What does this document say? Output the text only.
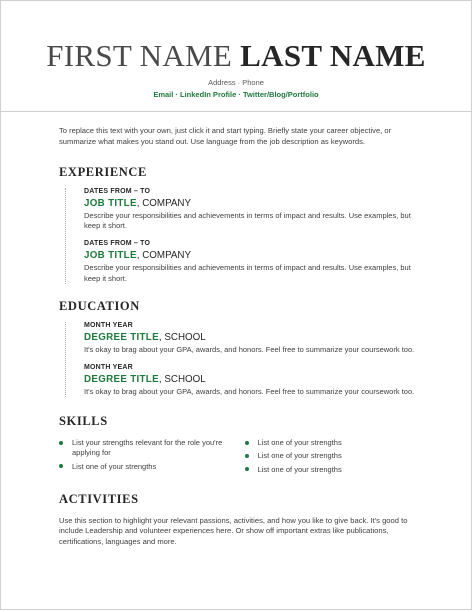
FIRST NAME LAST NAME
Address · Phone
Email · LinkedIn Profile · Twitter/Blog/Portfolio
To replace this text with your own, just click it and start typing. Briefly state your career objective, or summarize what makes you stand out. Use language from the job description as keywords.
EXPERIENCE
DATES FROM – TO
JOB TITLE, COMPANY
Describe your responsibilities and achievements in terms of impact and results. Use examples, but keep it short.
DATES FROM – TO
JOB TITLE, COMPANY
Describe your responsibilities and achievements in terms of impact and results. Use examples, but keep it short.
EDUCATION
MONTH YEAR
DEGREE TITLE, SCHOOL
It's okay to brag about your GPA, awards, and honors. Feel free to summarize your coursework too.
MONTH YEAR
DEGREE TITLE, SCHOOL
It's okay to brag about your GPA, awards, and honors. Feel free to summarize your coursework too.
SKILLS
List your strengths relevant for the role you're applying for
List one of your strengths
List one of your strengths
List one of your strengths
List one of your strengths
ACTIVITIES
Use this section to highlight your relevant passions, activities, and how you like to give back. It's good to include Leadership and volunteer experiences here. Or show off important extras like publications, certifications, languages and more.
